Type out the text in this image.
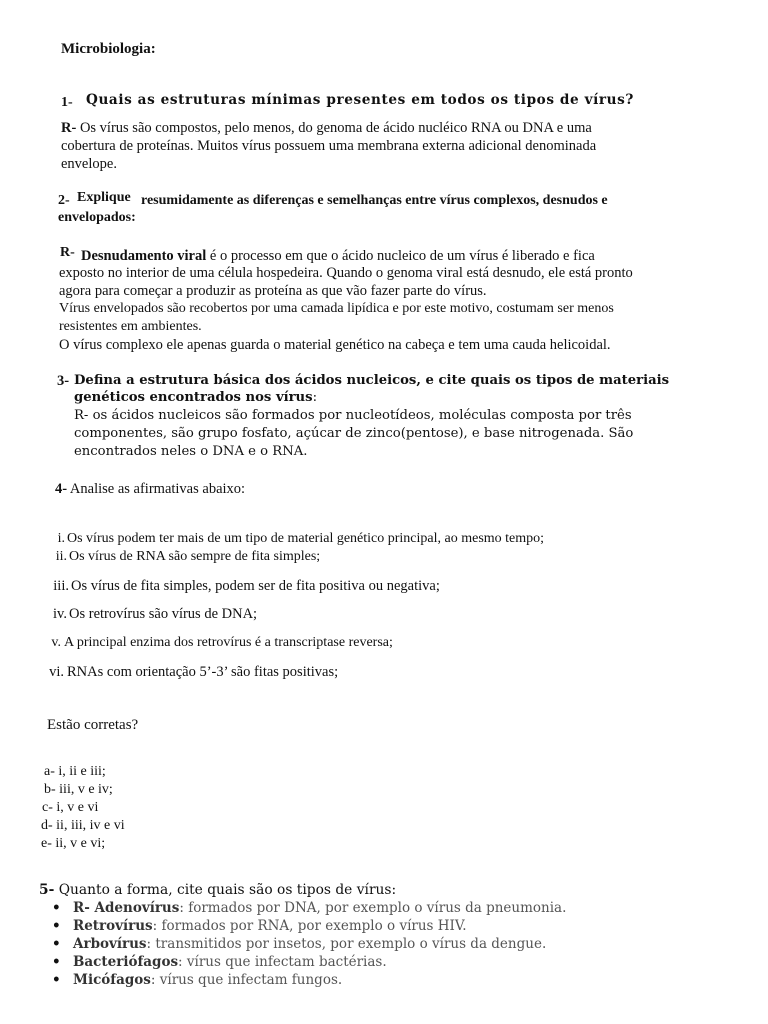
Microbiologia:
1- Quais as estruturas mínimas presentes em todos os tipos de vírus?
R- Os vírus são compostos, pelo menos, do genoma de ácido nucléico RNA ou DNA e uma
cobertura de proteínas. Muitos vírus possuem uma membrana externa adicional denominada
envelope.
2- Explique resumidamente as diferenças e semelhanças entre vírus complexos, desnudos e
envelopados:
R- Desnudamento viral é o processo em que o ácido nucleico de um vírus é liberado e fica
exposto no interior de uma célula hospedeira. Quando o genoma viral está desnudo, ele está pronto
agora para começar a produzir as proteína as que vão fazer parte do vírus.
Vírus envelopados são recobertos por uma camada lipídica e por este motivo, costumam ser menos
resistentes em ambientes.
O vírus complexo ele apenas guarda o material genético na cabeça e tem uma cauda helicoidal.
3- Defina a estrutura básica dos ácidos nucleicos, e cite quais os tipos de materiais
genéticos encontrados nos vírus:
R- os ácidos nucleicos são formados por nucleotídeos, moléculas composta por três
componentes, são grupo fosfato, açúcar de zinco(pentose), e base nitrogenada. São
encontrados neles o DNA e o RNA.
4- Analise as afirmativas abaixo:
i. Os vírus podem ter mais de um tipo de material genético principal, ao mesmo tempo;
ii. Os vírus de RNA são sempre de fita simples;
iii. Os vírus de fita simples, podem ser de fita positiva ou negativa;
iv. Os retrovírus são vírus de DNA;
v. A principal enzima dos retrovírus é a transcriptase reversa;
vi. RNAs com orientação 5’-3’ são fitas positivas;
Estão corretas?
a- i, ii e iii;
b- iii, v e iv;
c- i, v e vi
d- ii, iii, iv e vi
e- ii, v e vi;
5- Quanto a forma, cite quais são os tipos de vírus:
• R- Adenovírus: formados por DNA, por exemplo o vírus da pneumonia.
• Retrovírus: formados por RNA, por exemplo o vírus HIV.
• Arbovírus: transmitidos por insetos, por exemplo o vírus da dengue.
• Bacteriófagos: vírus que infectam bactérias.
• Micófagos: vírus que infectam fungos.
